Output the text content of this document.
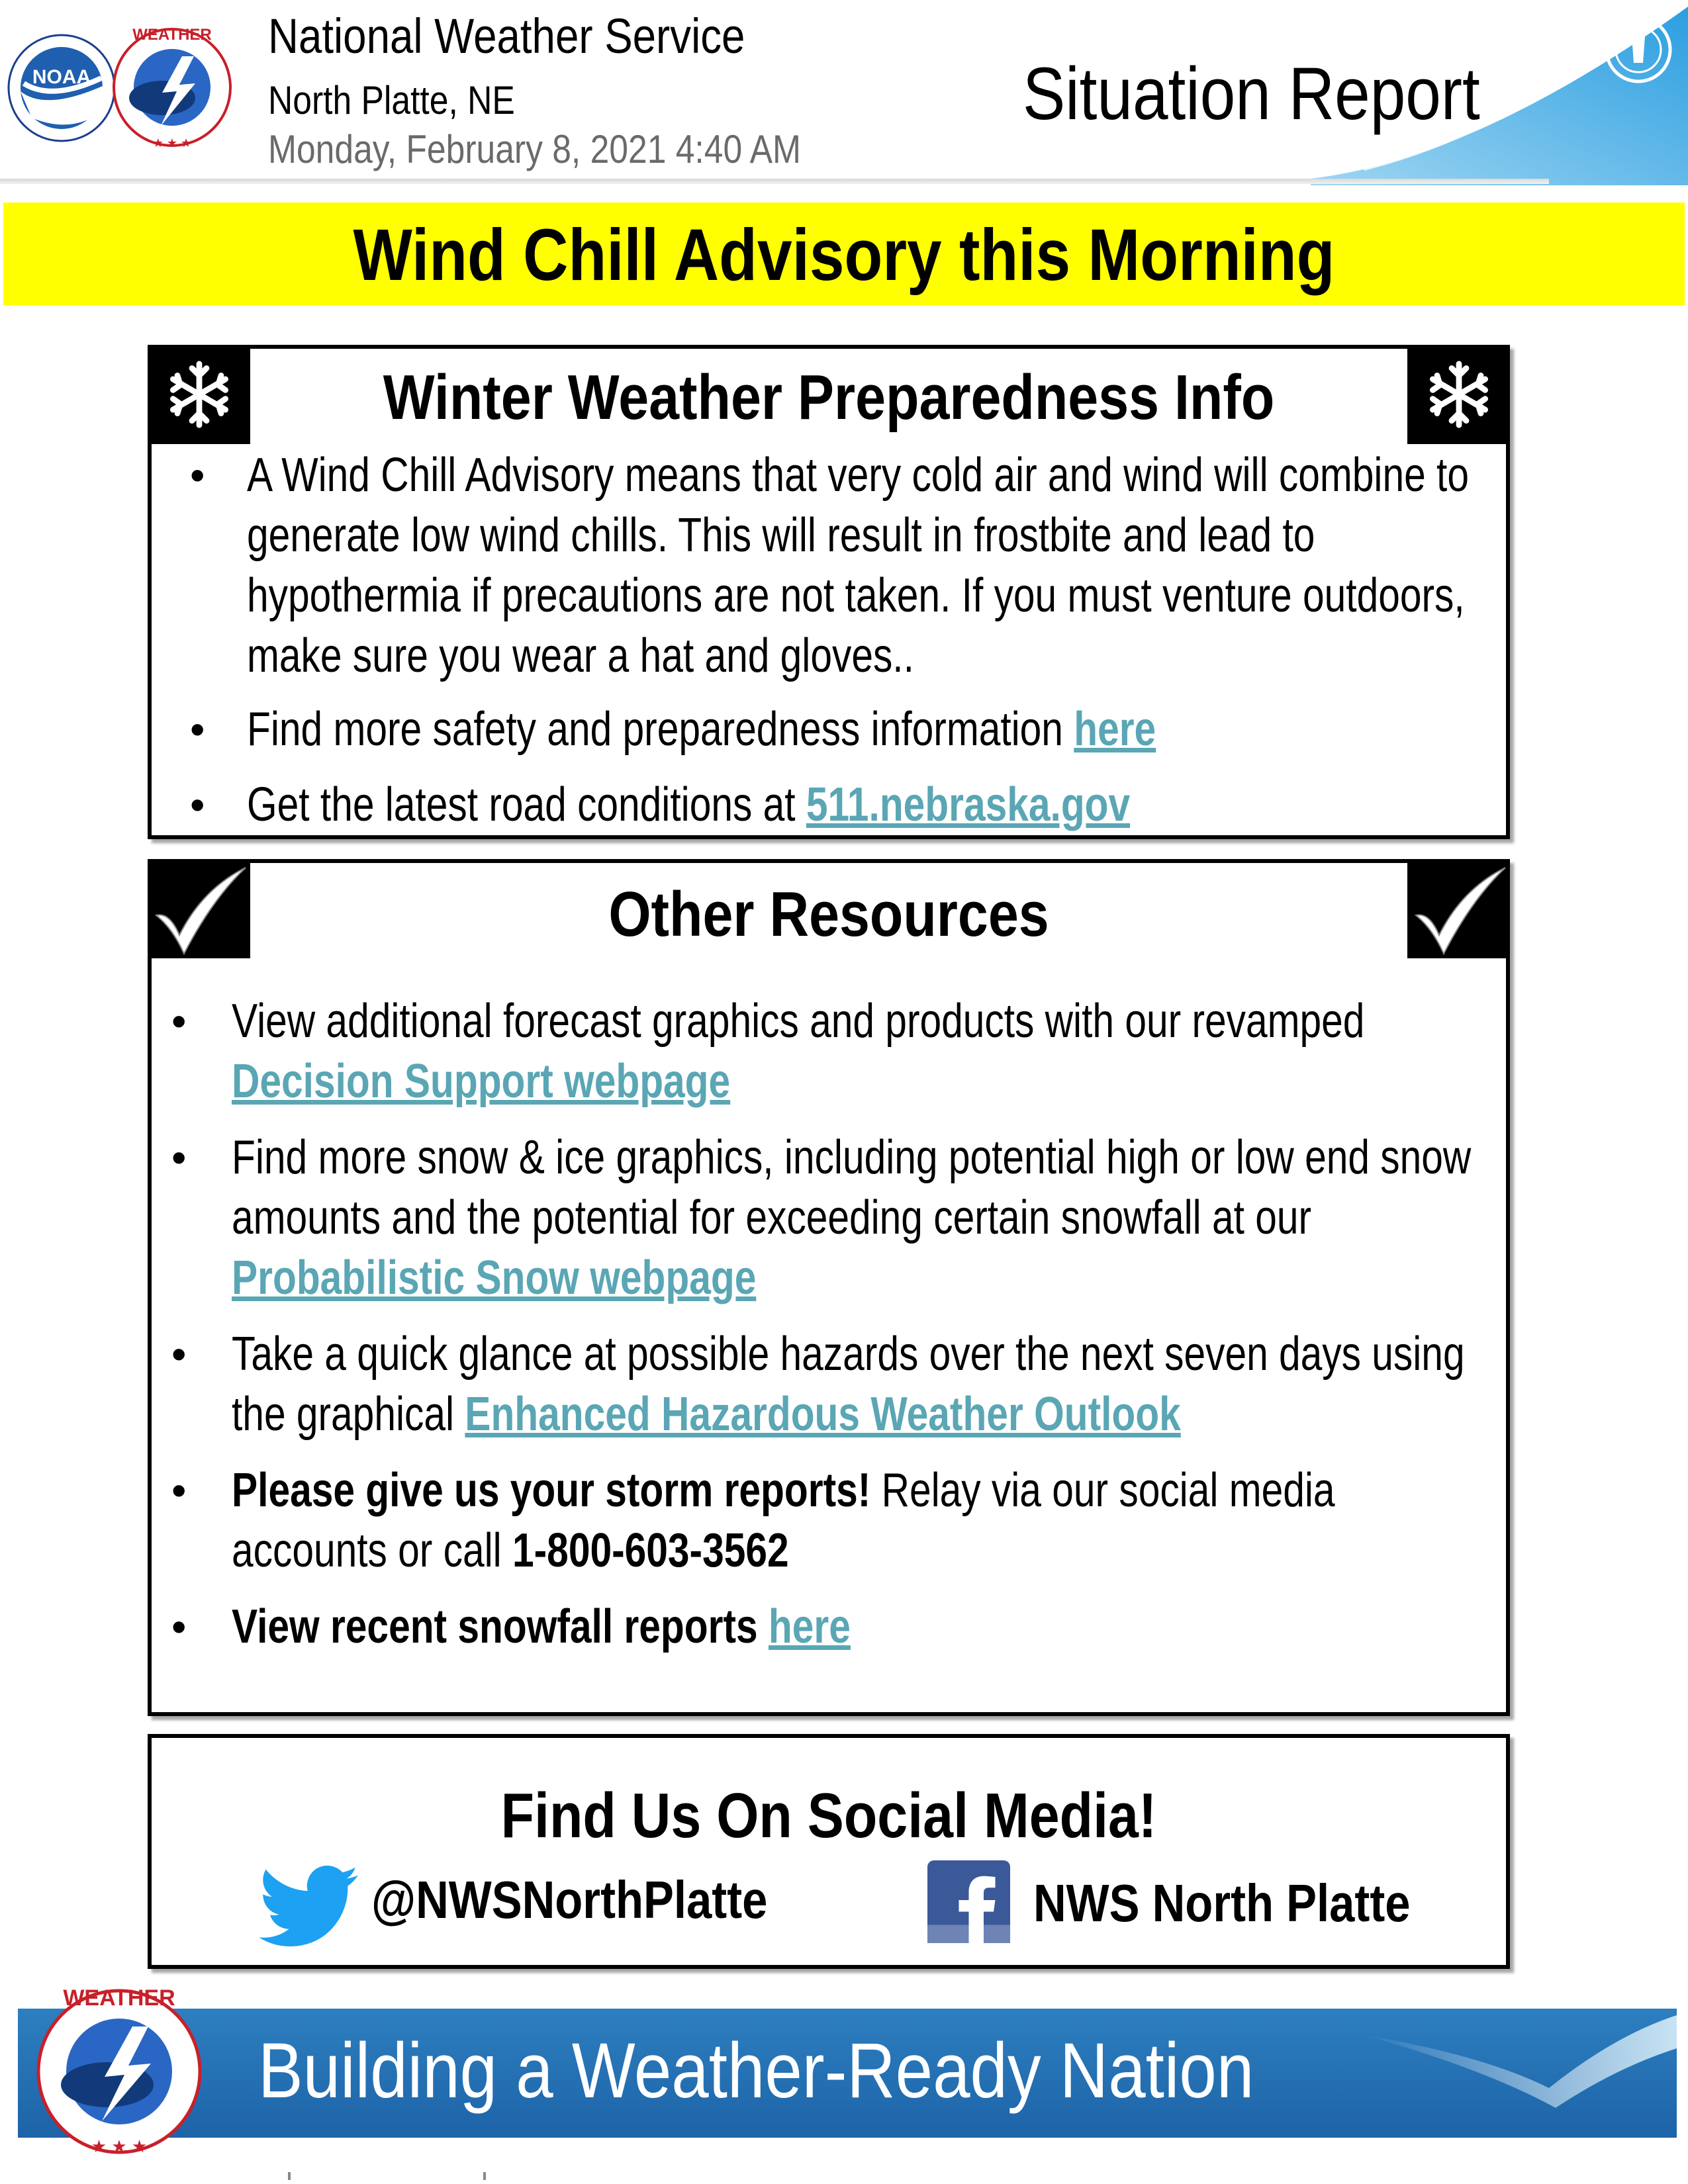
NOAA
WEATHER
★ ★ ★
National Weather Service
North Platte, NE
Monday, February 8, 2021 4:40 AM
Situation Report
Wind Chill Advisory this Morning
Winter Weather Preparedness Info
• A Wind Chill Advisory means that very cold air and wind will combine to generate low wind chills. This will result in frostbite and lead to hypothermia if precautions are not taken. If you must venture outdoors, make sure you wear a hat and gloves..
• Find more safety and preparedness information here
• Get the latest road conditions at 511.nebraska.gov
Other Resources
• View additional forecast graphics and products with our revamped Decision Support webpage
• Find more snow & ice graphics, including potential high or low end snow amounts and the potential for exceeding certain snowfall at our Probabilistic Snow webpage
• Take a quick glance at possible hazards over the next seven days using the graphical Enhanced Hazardous Weather Outlook
• Please give us your storm reports! Relay via our social media accounts or call 1-800-603-3562
• View recent snowfall reports here
Find Us On Social Media!
@NWSNorthPlatte	NWS North Platte
Building a Weather-Ready Nation
WEATHER
★ ★ ★
